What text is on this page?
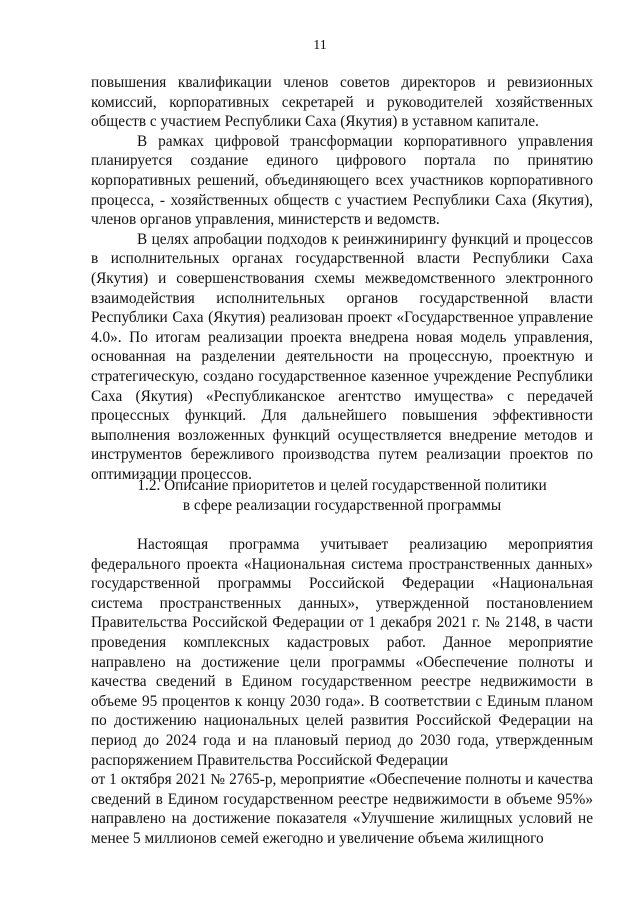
11

повышения квалификации членов советов директоров и ревизионных комиссий, корпоративных секретарей и руководителей хозяйственных обществ с участием Республики Саха (Якутия) в уставном капитале.

В рамках цифровой трансформации корпоративного управления планируется создание единого цифрового портала по принятию корпоративных решений, объединяющего всех участников корпоративного процесса, - хозяйственных обществ с участием Республики Саха (Якутия), членов органов управления, министерств и ведомств.

В целях апробации подходов к реинжинирингу функций и процессов в исполнительных органах государственной власти Республики Саха (Якутия) и совершенствования схемы межведомственного электронного взаимодействия исполнительных органов государственной власти Республики Саха (Якутия) реализован проект «Государственное управление 4.0». По итогам реализации проекта внедрена новая модель управления, основанная на разделении деятельности на процессную, проектную и стратегическую, создано государственное казенное учреждение Республики Саха (Якутия) «Республиканское агентство имущества» с передачей процессных функций. Для дальнейшего повышения эффективности выполнения возложенных функций осуществляется внедрение методов и инструментов бережливого производства путем реализации проектов по оптимизации процессов.

1.2. Описание приоритетов и целей государственной политики
в сфере реализации государственной программы

Настоящая программа учитывает реализацию мероприятия федерального проекта «Национальная система пространственных данных» государственной программы Российской Федерации «Национальная система пространственных данных», утвержденной постановлением Правительства Российской Федерации от 1 декабря 2021 г. № 2148, в части проведения комплексных кадастровых работ. Данное мероприятие направлено на достижение цели программы «Обеспечение полноты и качества сведений в Едином государственном реестре недвижимости в объеме 95 процентов к концу 2030 года». В соответствии с Единым планом по достижению национальных целей развития Российской Федерации на период до 2024 года и на плановый период до 2030 года, утвержденным распоряжением Правительства Российской Федерации

от 1 октября 2021 № 2765-р, мероприятие «Обеспечение полноты и качества сведений в Едином государственном реестре недвижимости в объеме 95%» направлено на достижение показателя «Улучшение жилищных условий не менее 5 миллионов семей ежегодно и увеличение объема жилищного
